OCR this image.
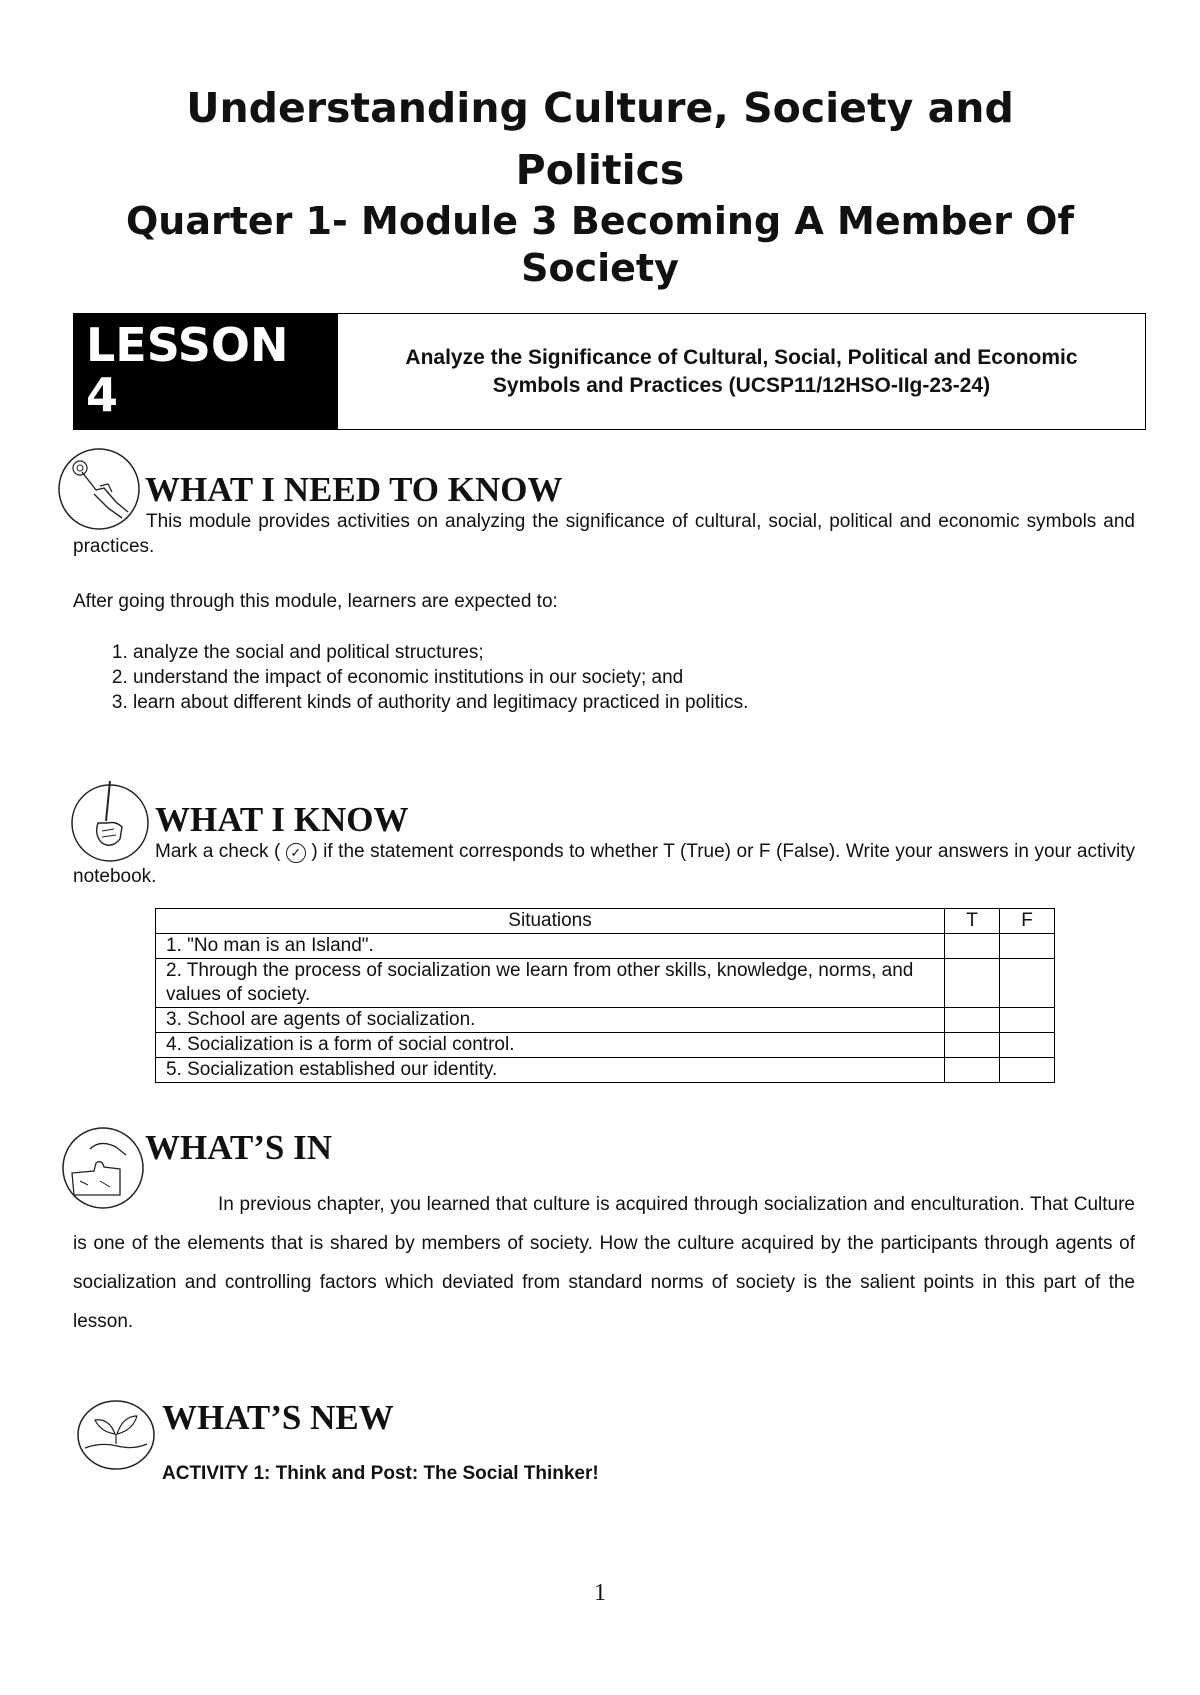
Understanding Culture, Society and
Politics
Quarter 1- Module 3 Becoming A Member Of
Society
LESSON
4
Analyze the Significance of Cultural, Social, Political and Economic
Symbols and Practices (UCSP11/12HSO-IIg-23-24)
WHAT I NEED TO KNOW

This module provides activities on analyzing the significance of cultural, social, political and economic symbols and practices.

After going through this module, learners are expected to:

1. analyze the social and political structures;
2. understand the impact of economic institutions in our society; and
3. learn about different kinds of authority and legitimacy practiced in politics.
WHAT I KNOW

Mark a check ( ✓ ) if the statement corresponds to whether T (True) or F (False). Write your answers in your activity notebook.

Situations	T	F
1. "No man is an Island".		
2. Through the process of socialization we learn from other skills, knowledge, norms, and values of society.		
3. School are agents of socialization.		
4. Socialization is a form of social control.		
5. Socialization established our identity.		
WHAT’S IN

In previous chapter, you learned that culture is acquired through socialization and enculturation. That Culture is one of the elements that is shared by members of society. How the culture acquired by the participants through agents of socialization and controlling factors which deviated from standard norms of society is the salient points in this part of the lesson.

WHAT’S NEW
ACTIVITY 1: Think and Post: The Social Thinker!
1
